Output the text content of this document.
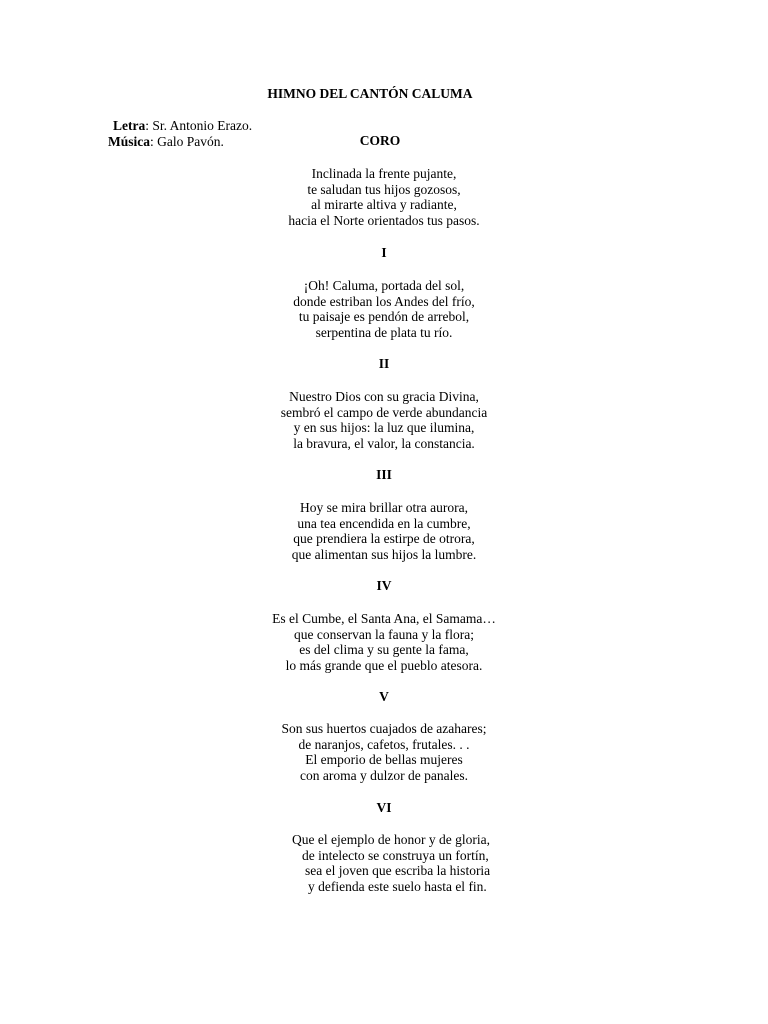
HIMNO DEL CANTÓN CALUMA
Letra: Sr. Antonio Erazo.
Música: Galo Pavón.	CORO
Inclinada la frente pujante,
te saludan tus hijos gozosos,
al mirarte altiva y radiante,
hacia el Norte orientados tus pasos.
I
¡Oh! Caluma, portada del sol,
donde estriban los Andes del frío,
tu paisaje es pendón de arrebol,
serpentina de plata tu río.
II
Nuestro Dios con su gracia Divina,
sembró el campo de verde abundancia
y en sus hijos: la luz que ilumina,
la bravura, el valor, la constancia.
III
Hoy se mira brillar otra aurora,
una tea encendida en la cumbre,
que prendiera la estirpe de otrora,
que alimentan sus hijos la lumbre.
IV
Es el Cumbe, el Santa Ana, el Samama…
que conservan la fauna y la flora;
es del clima y su gente la fama,
lo más grande que el pueblo atesora.
V
Son sus huertos cuajados de azahares;
de naranjos, cafetos, frutales. . .
El emporio de bellas mujeres
con aroma y dulzor de panales.
VI
Que el ejemplo de honor y de gloria,
de intelecto se construya un fortín,
sea el joven que escriba la historia
y defienda este suelo hasta el fin.
